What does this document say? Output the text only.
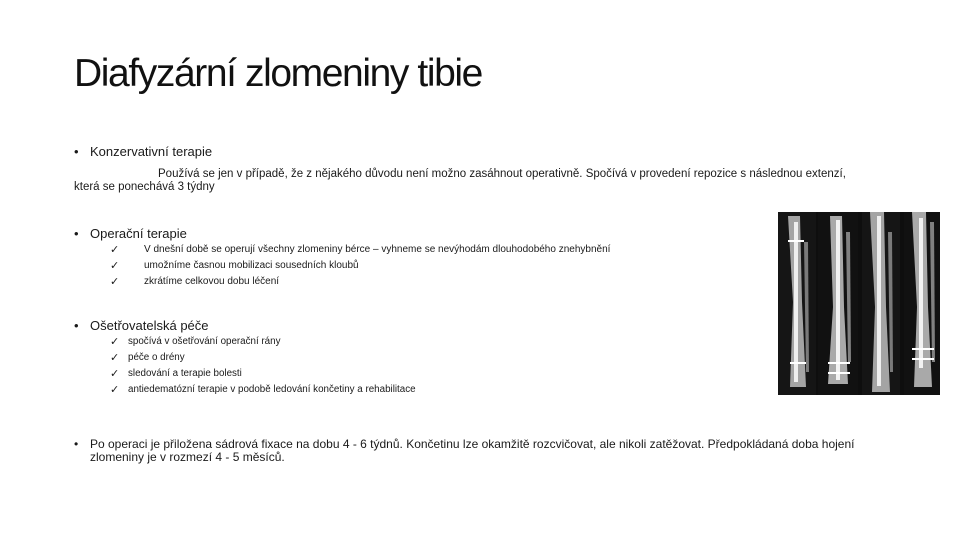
Diafyzární zlomeniny tibie
• Konzervativní terapie
Používá se jen v případě, že z nějakého důvodu není možno zasáhnout operativně. Spočívá v provedení repozice s následnou extenzí, která se ponechává 3 týdny
• Operační terapie
✓ V dnešní době se operují všechny zlomeniny bérce – vyhneme se nevýhodám dlouhodobého znehybnění
✓ umožníme časnou mobilizaci sousedních kloubů
✓ zkrátíme celkovou dobu léčení
• Ošetřovatelská péče
✓ spočívá v ošetřování operační rány
✓ péče o drény
✓ sledování a terapie bolesti
✓ antiedematózní terapie v podobě ledování končetiny a rehabilitace
• Po operaci je přiložena sádrová fixace na dobu 4 - 6 týdnů. Končetinu lze okamžitě rozcvičovat, ale nikoli zatěžovat. Předpokládaná doba hojení zlomeniny je v rozmezí 4 - 5 měsíců.
